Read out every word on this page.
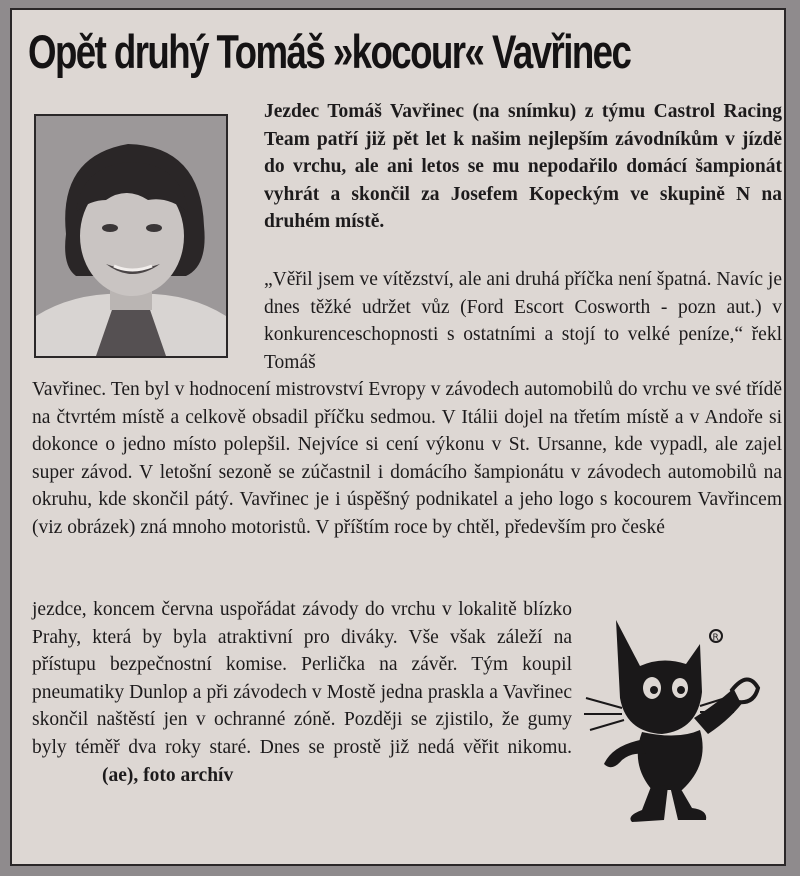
Opět druhý Tomáš »kocour« Vavřinec
Jezdec Tomáš Vavřinec (na snímku) z týmu Castrol Racing Team patří již pět let k našim nejlepším závodníkům v jízdě do vrchu, ale ani letos se mu nepodařilo domácí šampionát vyhrát a skončil za Josefem Kopeckým ve skupině N na druhém místě.
„Věřil jsem ve vítězství, ale ani druhá příčka není špatná. Navíc je dnes těžké udržet vůz (Ford Escort Cosworth - pozn aut.) v konkurenceschopnosti s ostatními a stojí to velké peníze,“ řekl Tomáš
Vavřinec. Ten byl v hodnocení mistrovství Evropy v závodech automobilů do vrchu ve své třídě na čtvrtém místě a celkově obsadil příčku sedmou. V Itálii dojel na třetím místě a v Andoře si dokonce o jedno místo polepšil. Nejvíce si cení výkonu v St. Ursanne, kde vypadl, ale zajel super závod. V letošní sezoně se zúčastnil i domácího šampionátu v závodech automobilů na okruhu, kde skončil pátý. Vavřinec je i úspěšný podnikatel a jeho logo s kocourem Vavřincem (viz obrázek) zná mnoho motoristů. V příštím roce by chtěl, především pro české
jezdce, koncem června uspořádat závody do vrchu v lokalitě blízko Prahy, která by byla atraktivní pro diváky. Vše však záleží na přístupu bezpečnostní komise. Perlička na závěr. Tým koupil pneumatiky Dunlop a při závodech v Mostě jedna praskla a Vavřinec skončil naštěstí jen v ochranné zóně. Později se zjistilo, že gumy byly téměř dva roky staré. Dnes se prostě již nedá věřit nikomu.(ae), foto archív
R
